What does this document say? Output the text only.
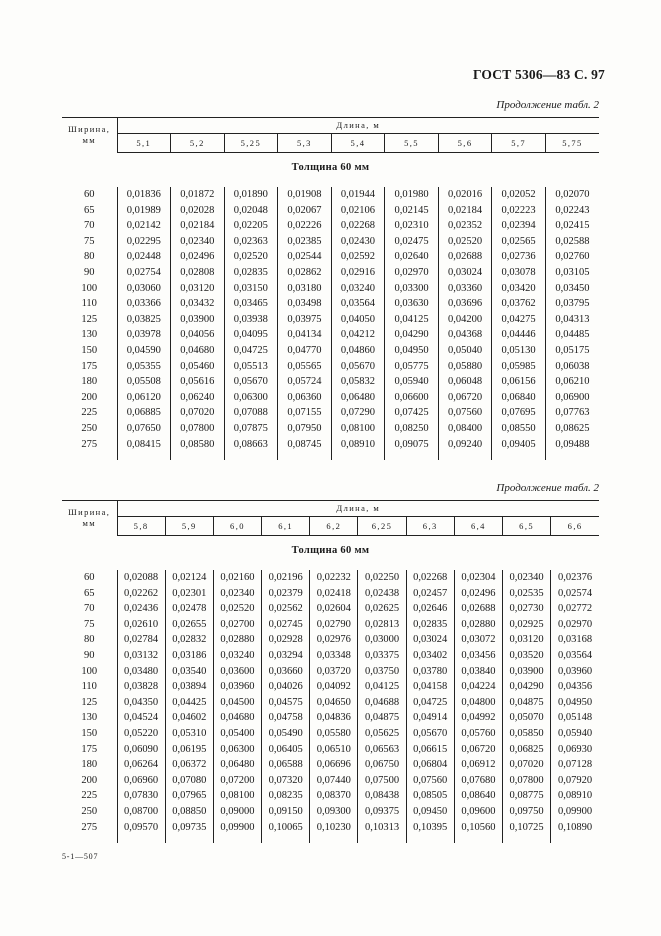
ГОСТ 5306—83 С. 97
Продолжение табл. 2
Ширина,
мм	Длина, м								
	5,1	5,2	5,25	5,3	5,4	5,5	5,6	5,7	5,75
Толщина 60 мм									
60	0,01836	0,01872	0,01890	0,01908	0,01944	0,01980	0,02016	0,02052	0,02070
65	0,01989	0,02028	0,02048	0,02067	0,02106	0,02145	0,02184	0,02223	0,02243
70	0,02142	0,02184	0,02205	0,02226	0,02268	0,02310	0,02352	0,02394	0,02415
75	0,02295	0,02340	0,02363	0,02385	0,02430	0,02475	0,02520	0,02565	0,02588
80	0,02448	0,02496	0,02520	0,02544	0,02592	0,02640	0,02688	0,02736	0,02760
90	0,02754	0,02808	0,02835	0,02862	0,02916	0,02970	0,03024	0,03078	0,03105
100	0,03060	0,03120	0,03150	0,03180	0,03240	0,03300	0,03360	0,03420	0,03450
110	0,03366	0,03432	0,03465	0,03498	0,03564	0,03630	0,03696	0,03762	0,03795
125	0,03825	0,03900	0,03938	0,03975	0,04050	0,04125	0,04200	0,04275	0,04313
130	0,03978	0,04056	0,04095	0,04134	0,04212	0,04290	0,04368	0,04446	0,04485
150	0,04590	0,04680	0,04725	0,04770	0,04860	0,04950	0,05040	0,05130	0,05175
175	0,05355	0,05460	0,05513	0,05565	0,05670	0,05775	0,05880	0,05985	0,06038
180	0,05508	0,05616	0,05670	0,05724	0,05832	0,05940	0,06048	0,06156	0,06210
200	0,06120	0,06240	0,06300	0,06360	0,06480	0,06600	0,06720	0,06840	0,06900
225	0,06885	0,07020	0,07088	0,07155	0,07290	0,07425	0,07560	0,07695	0,07763
250	0,07650	0,07800	0,07875	0,07950	0,08100	0,08250	0,08400	0,08550	0,08625
275	0,08415	0,08580	0,08663	0,08745	0,08910	0,09075	0,09240	0,09405	0,09488

Продолжение табл. 2
Ширина,
мм	Длина, м									
	5,8	5,9	6,0	6,1	6,2	6,25	6,3	6,4	6,5	6,6
Толщина 60 мм										
60	0,02088	0,02124	0,02160	0,02196	0,02232	0,02250	0,02268	0,02304	0,02340	0,02376
65	0,02262	0,02301	0,02340	0,02379	0,02418	0,02438	0,02457	0,02496	0,02535	0,02574
70	0,02436	0,02478	0,02520	0,02562	0,02604	0,02625	0,02646	0,02688	0,02730	0,02772
75	0,02610	0,02655	0,02700	0,02745	0,02790	0,02813	0,02835	0,02880	0,02925	0,02970
80	0,02784	0,02832	0,02880	0,02928	0,02976	0,03000	0,03024	0,03072	0,03120	0,03168
90	0,03132	0,03186	0,03240	0,03294	0,03348	0,03375	0,03402	0,03456	0,03520	0,03564
100	0,03480	0,03540	0,03600	0,03660	0,03720	0,03750	0,03780	0,03840	0,03900	0,03960
110	0,03828	0,03894	0,03960	0,04026	0,04092	0,04125	0,04158	0,04224	0,04290	0,04356
125	0,04350	0,04425	0,04500	0,04575	0,04650	0,04688	0,04725	0,04800	0,04875	0,04950
130	0,04524	0,04602	0,04680	0,04758	0,04836	0,04875	0,04914	0,04992	0,05070	0,05148
150	0,05220	0,05310	0,05400	0,05490	0,05580	0,05625	0,05670	0,05760	0,05850	0,05940
175	0,06090	0,06195	0,06300	0,06405	0,06510	0,06563	0,06615	0,06720	0,06825	0,06930
180	0,06264	0,06372	0,06480	0,06588	0,06696	0,06750	0,06804	0,06912	0,07020	0,07128
200	0,06960	0,07080	0,07200	0,07320	0,07440	0,07500	0,07560	0,07680	0,07800	0,07920
225	0,07830	0,07965	0,08100	0,08235	0,08370	0,08438	0,08505	0,08640	0,08775	0,08910
250	0,08700	0,08850	0,09000	0,09150	0,09300	0,09375	0,09450	0,09600	0,09750	0,09900
275	0,09570	0,09735	0,09900	0,10065	0,10230	0,10313	0,10395	0,10560	0,10725	0,10890

5-1—507
